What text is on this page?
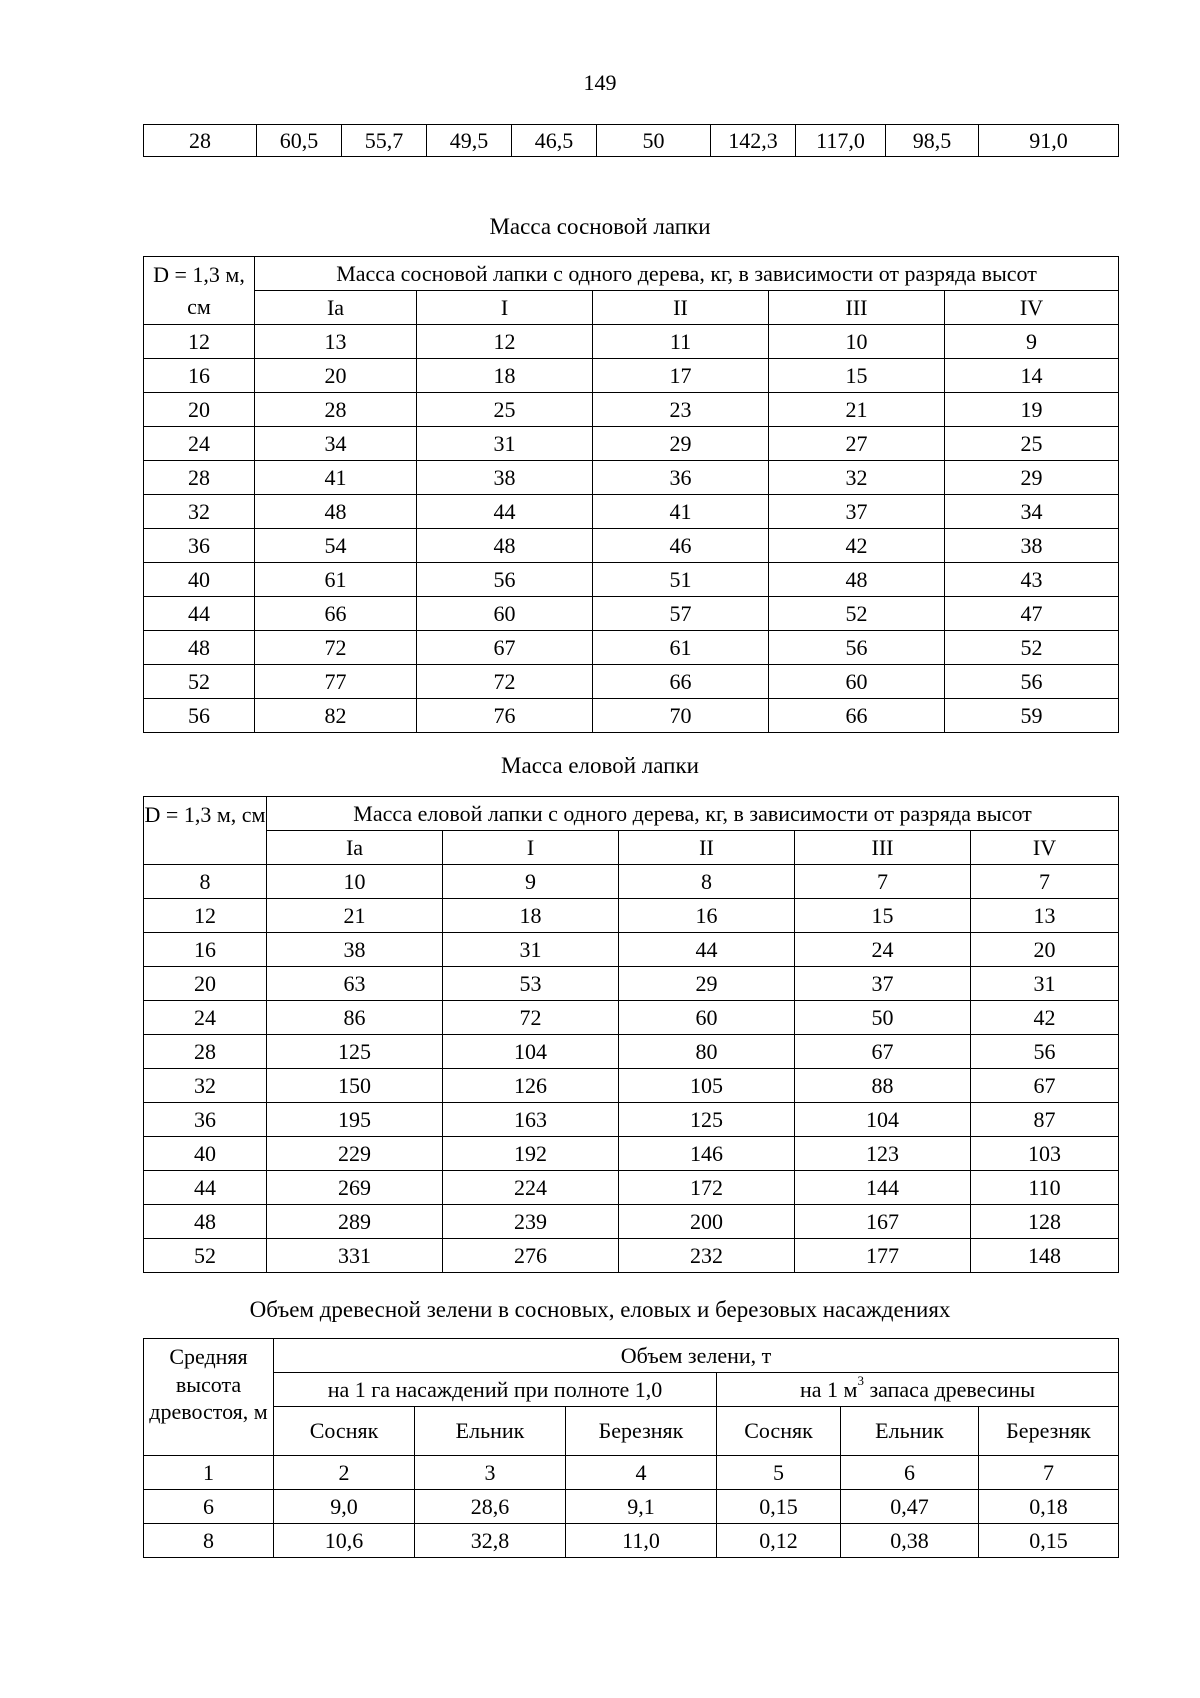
149
28	60,5	55,7	49,5	46,5	50	142,3	117,0	98,5	91,0
Масса сосновой лапки
D = 1,3 м, см	Масса сосновой лапки с одного дерева, кг, в зависимости от разряда высот				
	Ia	I	II	III	IV
12	13	12	11	10	9
16	20	18	17	15	14
20	28	25	23	21	19
24	34	31	29	27	25
28	41	38	36	32	29
32	48	44	41	37	34
36	54	48	46	42	38
40	61	56	51	48	43
44	66	60	57	52	47
48	72	67	61	56	52
52	77	72	66	60	56
56	82	76	70	66	59
Масса еловой лапки
D = 1,3 м, см	Масса еловой лапки с одного дерева, кг, в зависимости от разряда высот				
	Ia	I	II	III	IV
8	10	9	8	7	7
12	21	18	16	15	13
16	38	31	44	24	20
20	63	53	29	37	31
24	86	72	60	50	42
28	125	104	80	67	56
32	150	126	105	88	67
36	195	163	125	104	87
40	229	192	146	123	103
44	269	224	172	144	110
48	289	239	200	167	128
52	331	276	232	177	148
Объем древесной зелени в сосновых, еловых и березовых насаждениях
Средняя высота древостоя, м	Объем зелени, т					
	на 1 га насаждений при полноте 1,0			на 1 $м^3$ запаса древесины		
	Сосняк	Ельник	Березняк	Сосняк	Ельник	Березняк
1	2	3	4	5	6	7
6	9,0	28,6	9,1	0,15	0,47	0,18
8	10,6	32,8	11,0	0,12	0,38	0,15
